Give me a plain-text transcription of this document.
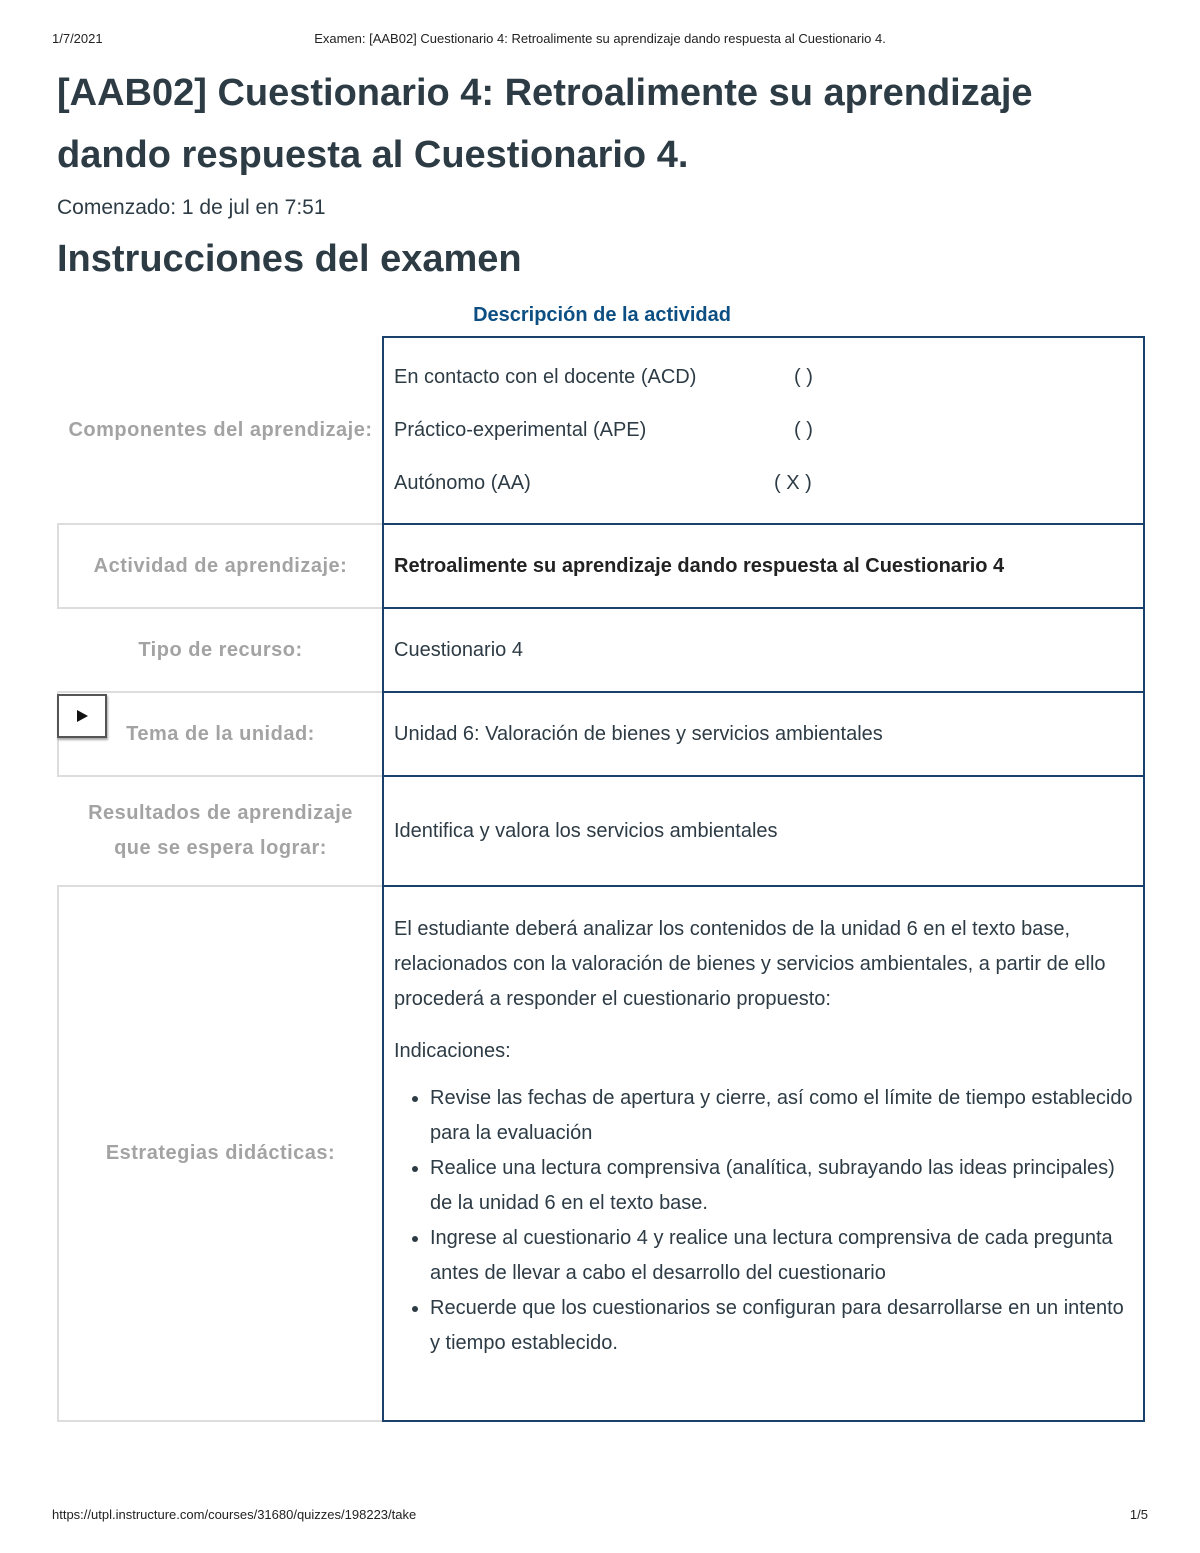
1/7/2021	Examen: [AAB02] Cuestionario 4: Retroalimente su aprendizaje dando respuesta al Cuestionario 4.
[AAB02] Cuestionario 4: Retroalimente su aprendizaje dando respuesta al Cuestionario 4.
Comenzado: 1 de jul en 7:51
Instrucciones del examen
Descripción de la actividad
Componentes del aprendizaje:
En contacto con el docente (ACD)	( )
Práctico-experimental (APE)	( )
Autónomo (AA)	( X )
Actividad de aprendizaje:	Retroalimente su aprendizaje dando respuesta al Cuestionario 4
Tipo de recurso:	Cuestionario 4
Tema de la unidad:	Unidad 6: Valoración de bienes y servicios ambientales
Resultados de aprendizaje que se espera lograr:
Identifica y valora los servicios ambientales
Estrategias didácticas:

El estudiante deberá analizar los contenidos de la unidad 6 en el texto base, relacionados con la valoración de bienes y servicios ambientales, a partir de ello procederá a responder el cuestionario propuesto:

Indicaciones:

• Revise las fechas de apertura y cierre, así como el límite de tiempo establecido para la evaluación
• Realice una lectura comprensiva (analítica, subrayando las ideas principales) de la unidad 6 en el texto base.
• Ingrese al cuestionario 4 y realice una lectura comprensiva de cada pregunta antes de llevar a cabo el desarrollo del cuestionario
• Recuerde que los cuestionarios se configuran para desarrollarse en un intento y tiempo establecido.
https://utpl.instructure.com/courses/31680/quizzes/198223/take	1/5
